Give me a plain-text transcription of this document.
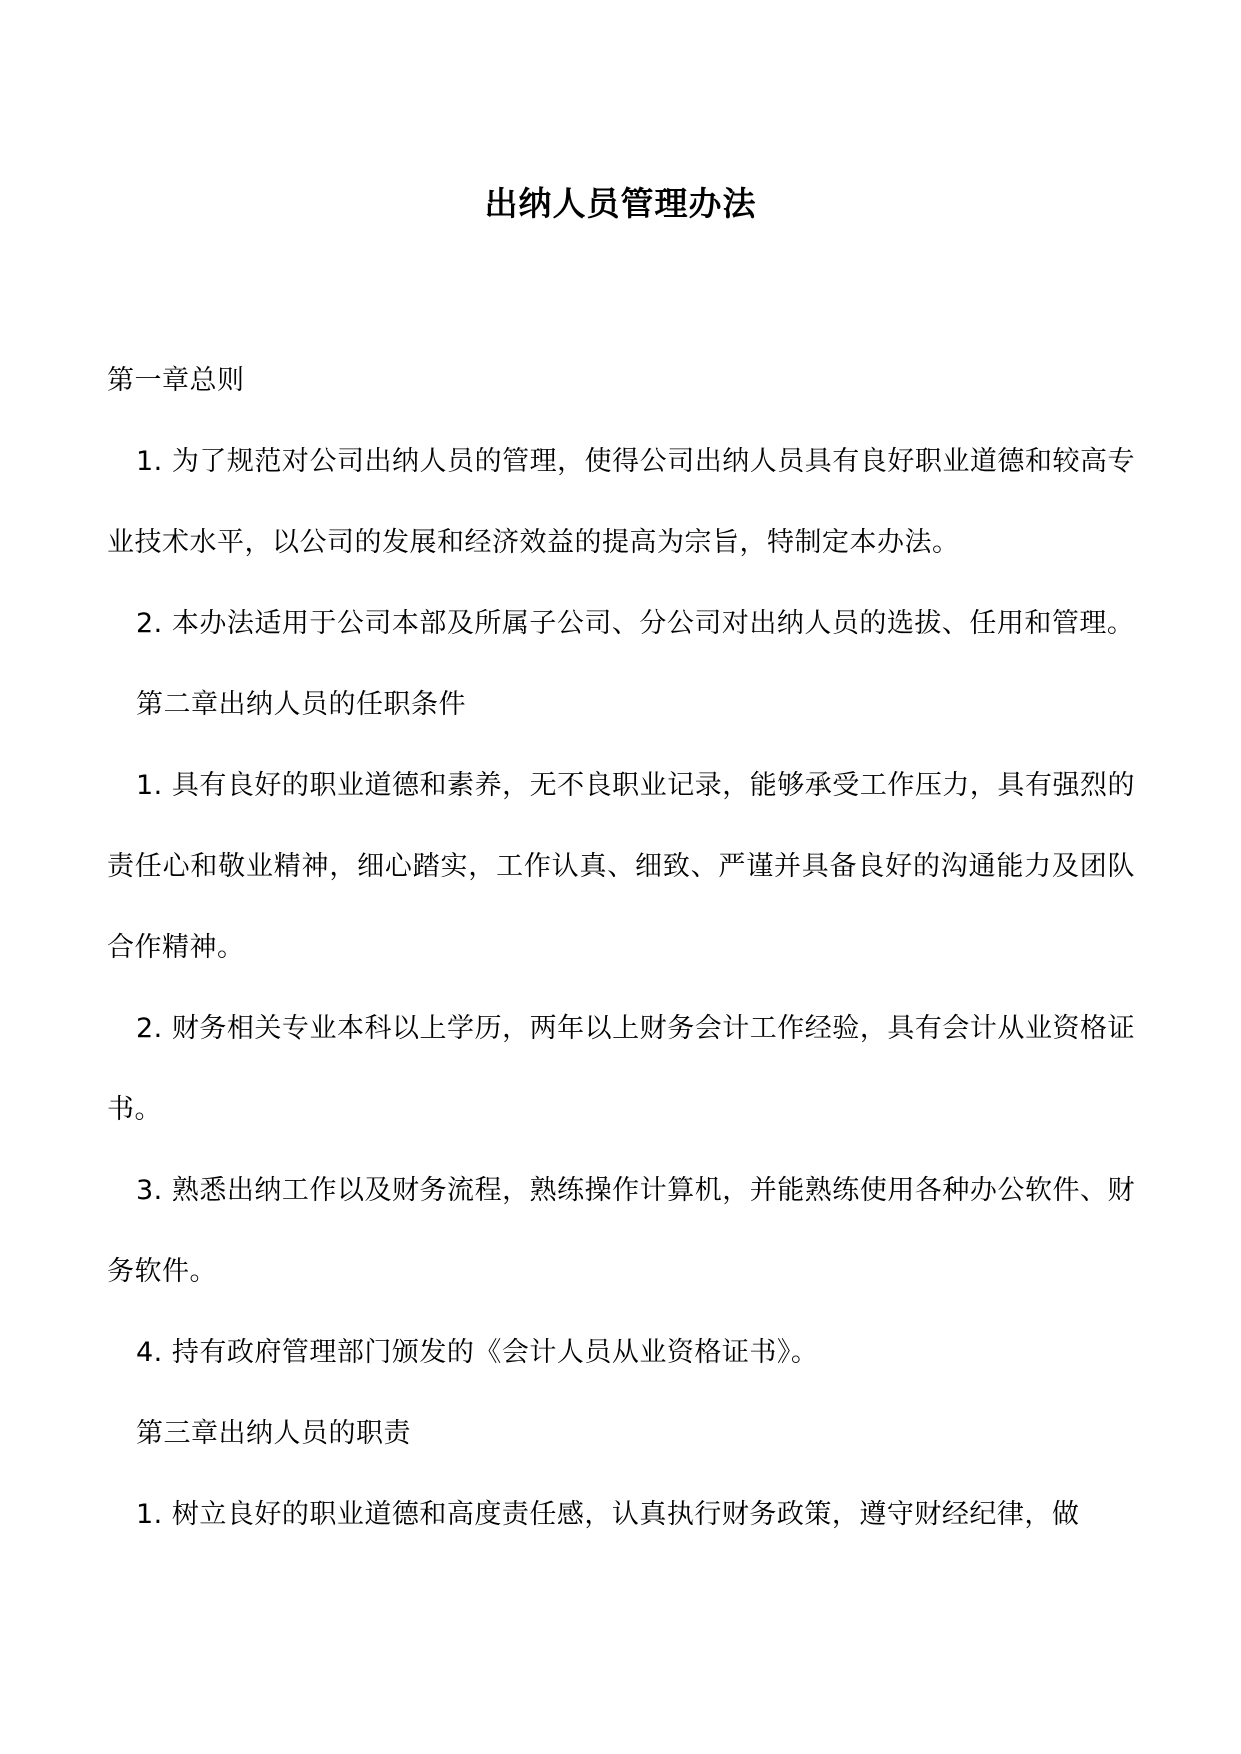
出纳人员管理办法

第一章总则

1. 为了规范对公司出纳人员的管理，使得公司出纳人员具有良好职业道德和较高专业技术水平，以公司的发展和经济效益的提高为宗旨，特制定本办法。

2. 本办法适用于公司本部及所属子公司、分公司对出纳人员的选拔、任用和管理。

第二章出纳人员的任职条件

1. 具有良好的职业道德和素养，无不良职业记录，能够承受工作压力，具有强烈的责任心和敬业精神，细心踏实，工作认真、细致、严谨并具备良好的沟通能力及团队合作精神。

2. 财务相关专业本科以上学历，两年以上财务会计工作经验，具有会计从业资格证书。

3. 熟悉出纳工作以及财务流程，熟练操作计算机，并能熟练使用各种办公软件、财务软件。

4. 持有政府管理部门颁发的《会计人员从业资格证书》。

第三章出纳人员的职责

1. 树立良好的职业道德和高度责任感，认真执行财务政策，遵守财经纪律，做
